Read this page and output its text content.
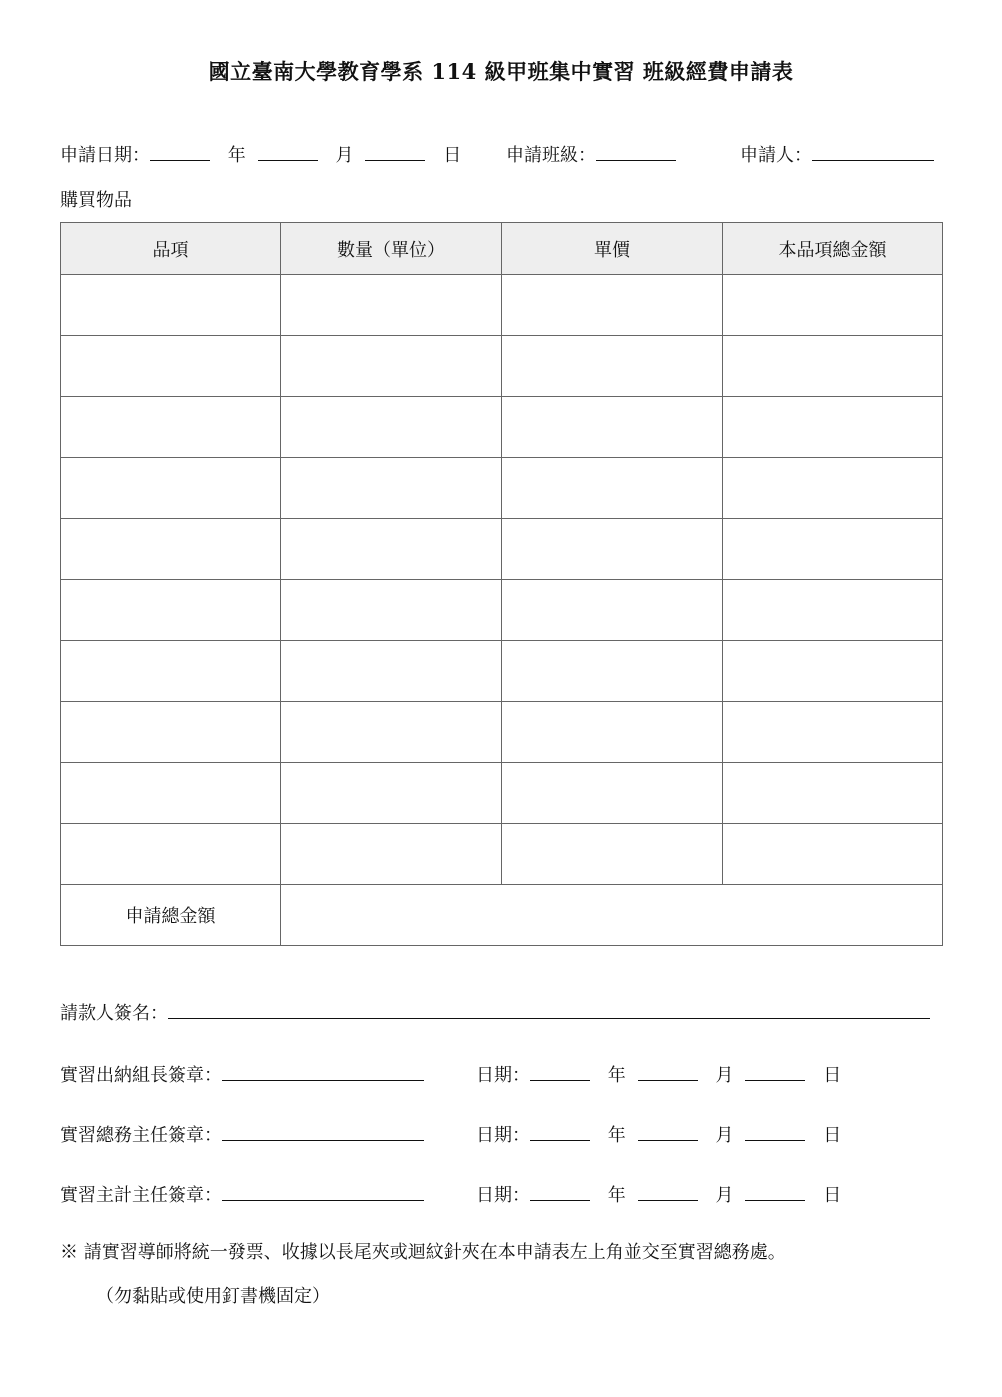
國立臺南大學教育學系 114 級甲班集中實習 班級經費申請表
申請日期：	年	月	日 申請班級：	申請人：
購買物品
品項	數量（單位）	單價	本品項總金額

申請總金額			
請款人簽名：
實習出納組長簽章：	日期：	年	月	日
實習總務主任簽章：	日期：	年	月	日
實習主計主任簽章：	日期：	年	月	日
※ 請實習導師將統一發票、收據以長尾夾或迴紋針夾在本申請表左上角並交至實習總務處。
（勿黏貼或使用釘書機固定）
